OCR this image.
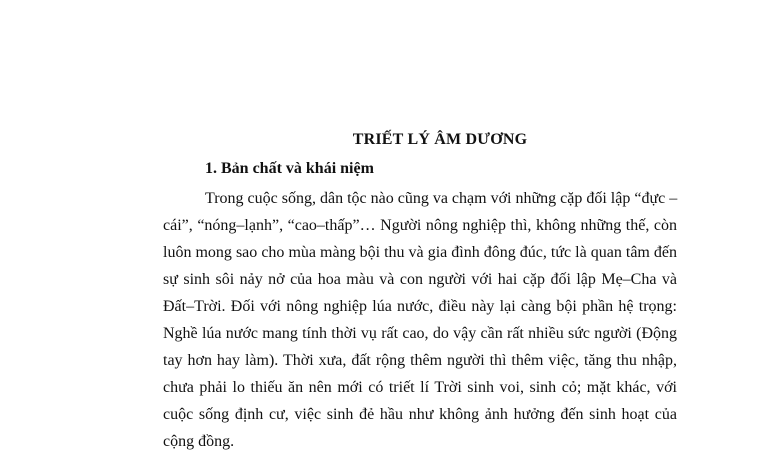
TRIẾT LÝ ÂM DƯƠNG
1. Bản chất và khái niệm
Trong cuộc sống, dân tộc nào cũng va chạm với những cặp đối lập “đực –
cái”, “nóng–lạnh”, “cao–thấp”… Người nông nghiệp thì, không những thế, còn
luôn mong sao cho mùa màng bội thu và gia đình đông đúc, tức là quan tâm đến
sự sinh sôi nảy nở của hoa màu và con người với hai cặp đối lập Mẹ–Cha và
Đất–Trời. Đối với nông nghiệp lúa nước, điều này lại càng bội phần hệ trọng:
Nghề lúa nước mang tính thời vụ rất cao, do vậy cần rất nhiều sức người (Động
tay hơn hay làm). Thời xưa, đất rộng thêm người thì thêm việc, tăng thu nhập,
chưa phải lo thiếu ăn nên mới có triết lí Trời sinh voi, sinh cỏ; mặt khác, với
cuộc sống định cư, việc sinh đẻ hầu như không ảnh hưởng đến sinh hoạt của
cộng đồng.
